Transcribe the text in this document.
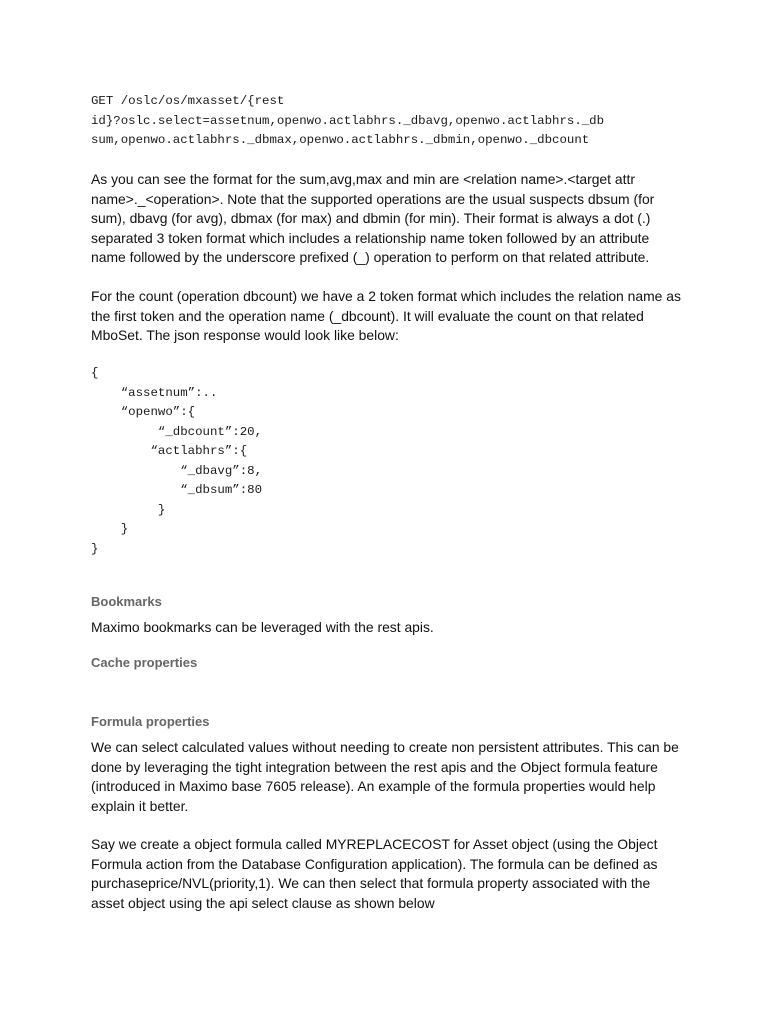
GET /oslc/os/mxasset/{rest
id}?oslc.select=assetnum,openwo.actlabhrs._dbavg,openwo.actlabhrs._db
sum,openwo.actlabhrs._dbmax,openwo.actlabhrs._dbmin,openwo._dbcount
As you can see the format for the sum,avg,max and min are <relation name>.<target attr
name>._<operation>. Note that the supported operations are the usual suspects dbsum (for
sum), dbavg (for avg), dbmax (for max) and dbmin (for min). Their format is always a dot (.)
separated 3 token format which includes a relationship name token followed by an attribute
name followed by the underscore prefixed (_) operation to perform on that related attribute.
For the count (operation dbcount) we have a 2 token format which includes the relation name as
the first token and the operation name (_dbcount). It will evaluate the count on that related
MboSet. The json response would look like below:
{
“assetnum”:..
“openwo”:{
“_dbcount”:20,
“actlabhrs”:{
“_dbavg”:8,
“_dbsum”:80
}
}
}
Bookmarks
Maximo bookmarks can be leveraged with the rest apis.
Cache properties
Formula properties
We can select calculated values without needing to create non persistent attributes. This can be
done by leveraging the tight integration between the rest apis and the Object formula feature
(introduced in Maximo base 7605 release). An example of the formula properties would help
explain it better.
Say we create a object formula called MYREPLACECOST for Asset object (using the Object
Formula action from the Database Configuration application). The formula can be defined as
purchaseprice/NVL(priority,1). We can then select that formula property associated with the
asset object using the api select clause as shown below
